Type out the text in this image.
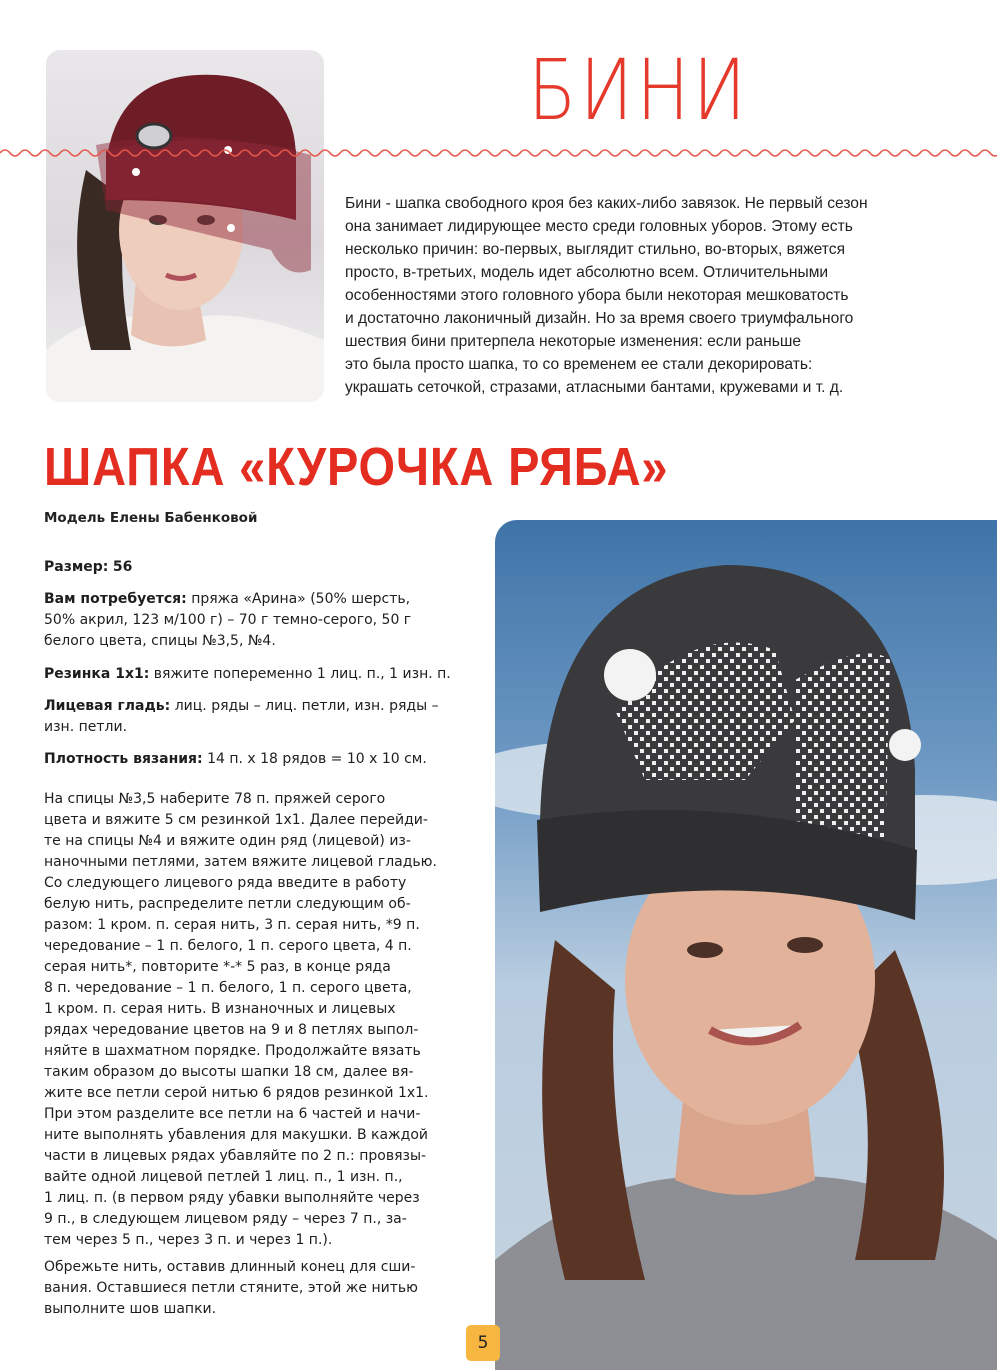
БИНИ

Бини - шапка свободного кроя без каких-либо завязок. Не первый сезон

она занимает лидирующее место среди головных уборов. Этому есть

несколько причин: во-первых, выглядит стильно, во-вторых, вяжется

просто, в-третьих, модель идет абсолютно всем. Отличительными

особенностями этого головного убора были некоторая мешковатость

и достаточно лаконичный дизайн. Но за время своего триумфального

шествия бини притерпела некоторые изменения: если раньше

это была просто шапка, то со временем ее стали декорировать:

украшать сеточкой, стразами, атласными бантами, кружевами и т. д.

ШАПКА «КУРОЧКА РЯБА»
Модель Елены Бабенковой
Размер: 56
Вам потребуется: пряжа «Арина» (50% шерсть,
50% акрил, 123 м/100 г) – 70 г темно-серого, 50 г
белого цвета, спицы №3,5, №4.
Резинка 1х1: вяжите попеременно 1 лиц. п., 1 изн. п.
Лицевая гладь: лиц. ряды – лиц. петли, изн. ряды –
изн. петли.
Плотность вязания: 14 п. х 18 рядов = 10 х 10 см.
На спицы №3,5 наберите 78 п. пряжей серого
цвета и вяжите 5 см резинкой 1х1. Далее перейди-
те на спицы №4 и вяжите один ряд (лицевой) из-
наночными петлями, затем вяжите лицевой гладью.
Со следующего лицевого ряда введите в работу
белую нить, распределите петли следующим об-
разом: 1 кром. п. серая нить, 3 п. серая нить, *9 п.
чередование – 1 п. белого, 1 п. серого цвета, 4 п.
серая нить*, повторите *-* 5 раз, в конце ряда
8 п. чередование – 1 п. белого, 1 п. серого цвета,
1 кром. п. серая нить. В изнаночных и лицевых
рядах чередование цветов на 9 и 8 петлях выпол-
няйте в шахматном порядке. Продолжайте вязать
таким образом до высоты шапки 18 см, далее вя-
жите все петли серой нитью 6 рядов резинкой 1х1.
При этом разделите все петли на 6 частей и начи-
ните выполнять убавления для макушки. В каждой
части в лицевых рядах убавляйте по 2 п.: провязы-
вайте одной лицевой петлей 1 лиц. п., 1 изн. п.,
1 лиц. п. (в первом ряду убавки выполняйте через
9 п., в следующем лицевом ряду – через 7 п., за-
тем через 5 п., через 3 п. и через 1 п.).
Обрежьте нить, оставив длинный конец для сши-
вания. Оставшиеся петли стяните, этой же нитью
выполните шов шапки.
5
